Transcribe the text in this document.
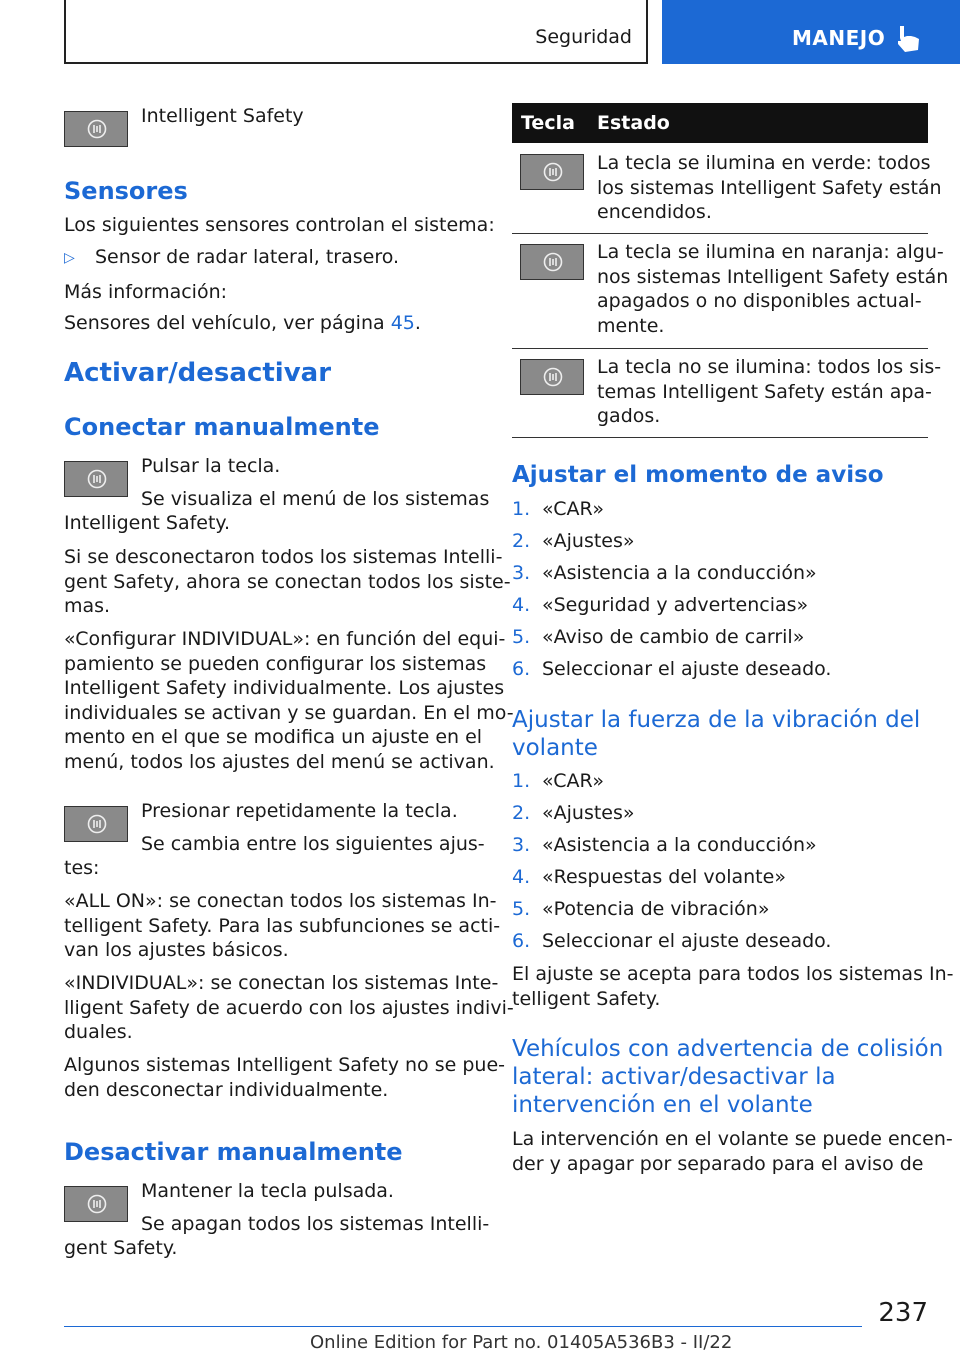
Seguridad	MANEJO

Intelligent Safety

Sensores

Los siguientes sensores controlan el sistema:

▷ Sensor de radar lateral, trasero.

Más información:

Sensores del vehículo, ver página 45.

Activar/desactivar
Conectar manualmente

Pulsar la tecla.

Se visualiza el menú de los sistemas

Intelligent Safety.

Si se desconectaron todos los sistemas Intelli-
gent Safety, ahora se conectan todos los siste-
mas.
«Configurar INDIVIDUAL»: en función del equi-
pamiento se pueden configurar los sistemas
Intelligent Safety individualmente. Los ajustes
individuales se activan y se guardan. En el mo-
mento en el que se modifica un ajuste en el
menú, todos los ajustes del menú se activan.

Presionar repetidamente la tecla.

Se cambia entre los siguientes ajus-

tes:

«ALL ON»: se conectan todos los sistemas In-
telligent Safety. Para las subfunciones se acti-
van los ajustes básicos.
«INDIVIDUAL»: se conectan los sistemas Inte-
lligent Safety de acuerdo con los ajustes indivi-
duales.
Algunos sistemas Intelligent Safety no se pue-
den desconectar individualmente.
Desactivar manualmente

Mantener la tecla pulsada.

Se apagan todos los sistemas Intelli-

gent Safety.

Tecla Estado
La tecla se ilumina en verde: todos
los sistemas Intelligent Safety están
encendidos.
La tecla se ilumina en naranja: algu-
nos sistemas Intelligent Safety están
apagados o no disponibles actual-
mente.
La tecla no se ilumina: todos los sis-
temas Intelligent Safety están apa-
gados.
Ajustar el momento de aviso
1. «CAR»
2. «Ajustes»
3. «Asistencia a la conducción»
4. «Seguridad y advertencias»
5. «Aviso de cambio de carril»
6. Seleccionar el ajuste deseado.
Ajustar la fuerza de la vibración del
volante
1. «CAR»
2. «Ajustes»
3. «Asistencia a la conducción»
4. «Respuestas del volante»
5. «Potencia de vibración»
6. Seleccionar el ajuste deseado.
El ajuste se acepta para todos los sistemas In-
telligent Safety.
Vehículos con advertencia de colisión
lateral: activar/desactivar la
intervención en el volante
La intervención en el volante se puede encen-
der y apagar por separado para el aviso de
237
Online Edition for Part no. 01405A536B3 - II/22
